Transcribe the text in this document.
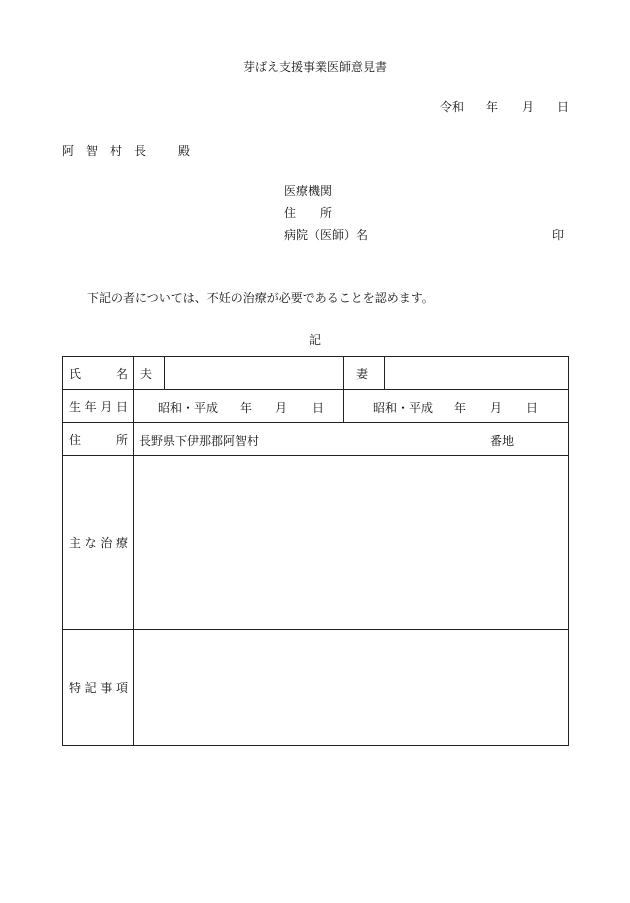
芽ばえ支援事業医師意見書
令和 年 月 日
阿　智　村　長	殿
医療機関
住　　所
病院（医師）名	印
下記の者については、不妊の治療が必要であることを認めます。
記
氏名	夫		妻	
生年月日	昭和・平成 年 月 日		昭和・平成 年 月 日	

住所	長野県下伊那郡阿智村 番地			

主な治療				
特記事項				
